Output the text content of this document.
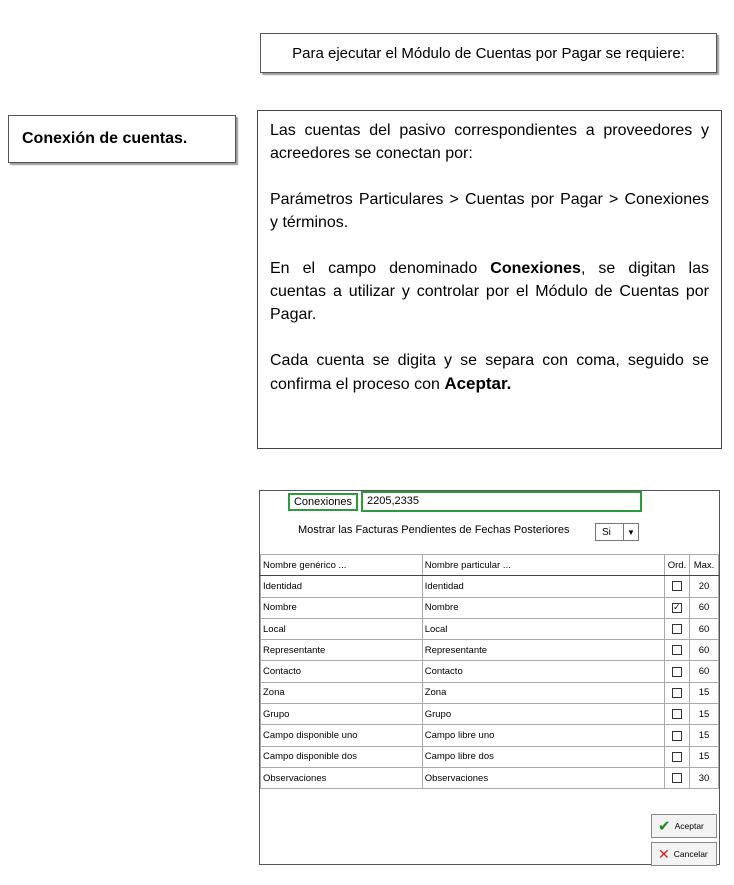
Para ejecutar el Módulo de Cuentas por Pagar se requiere:
Conexión de cuentas.	Las cuentas del pasivo correspondientes a proveedores y acreedores se conectan por:

Parámetros Particulares > Cuentas por Pagar > Conexiones y términos.

En el campo denominado Conexiones, se digitan las cuentas a utilizar y controlar por el Módulo de Cuentas por Pagar.

Cada cuenta se digita y se separa con coma, seguido se confirma el proceso con Aceptar.

Conexiones	2205,2335
Mostrar las Facturas Pendientes de Fechas Posteriores	Si	▼
Nombre genérico ...	Nombre particular ...	Ord.	Max.
Identidad	Identidad		20
Nombre	Nombre	✓	60
Local	Local		60
Representante	Representante		60
Contacto	Contacto		60
Zona	Zona		15
Grupo	Grupo		15
Campo disponible uno	Campo libre uno		15
Campo disponible dos	Campo libre dos		15
Observaciones	Observaciones		30
✔ Aceptar
✕ Cancelar
